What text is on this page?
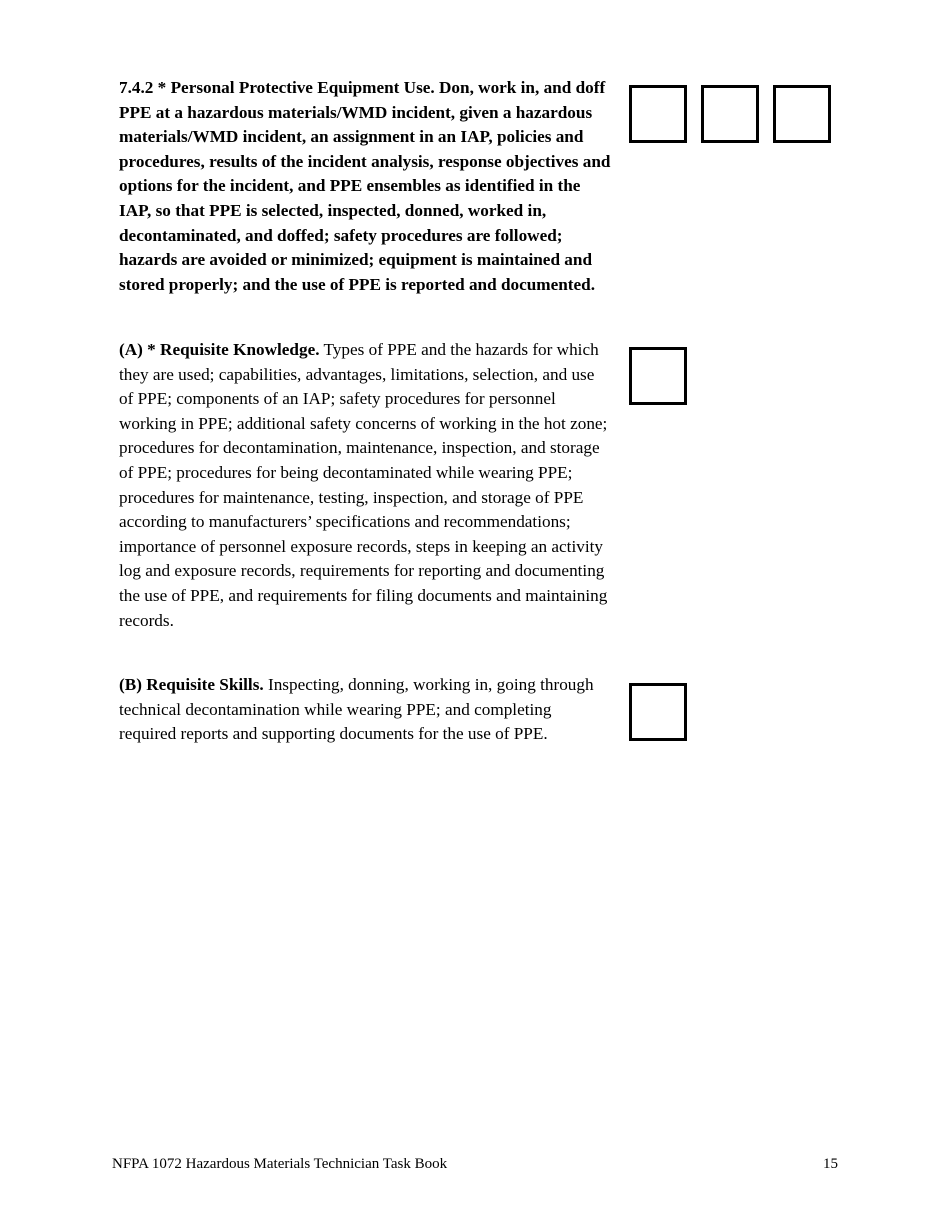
7.4.2 * Personal Protective Equipment Use. Don, work in, and doff PPE at a hazardous materials/WMD incident, given a hazardous materials/WMD incident, an assignment in an IAP, policies and procedures, results of the incident analysis, response objectives and options for the incident, and PPE ensembles as identified in the IAP, so that PPE is selected, inspected, donned, worked in, decontaminated, and doffed; safety procedures are followed; hazards are avoided or minimized; equipment is maintained and stored properly; and the use of PPE is reported and documented.

(A) * Requisite Knowledge. Types of PPE and the hazards for which they are used; capabilities, advantages, limitations, selection, and use of PPE; components of an IAP; safety procedures for personnel working in PPE; additional safety concerns of working in the hot zone; procedures for decontamination, maintenance, inspection, and storage of PPE; procedures for being decontaminated while wearing PPE; procedures for maintenance, testing, inspection, and storage of PPE according to manufacturers’ specifications and recommendations; importance of personnel exposure records, steps in keeping an activity log and exposure records, requirements for reporting and documenting the use of PPE, and requirements for filing documents and maintaining records.

(B) Requisite Skills. Inspecting, donning, working in, going through technical decontamination while wearing PPE; and completing required reports and supporting documents for the use of PPE.

NFPA 1072 Hazardous Materials Technician Task Book	15
